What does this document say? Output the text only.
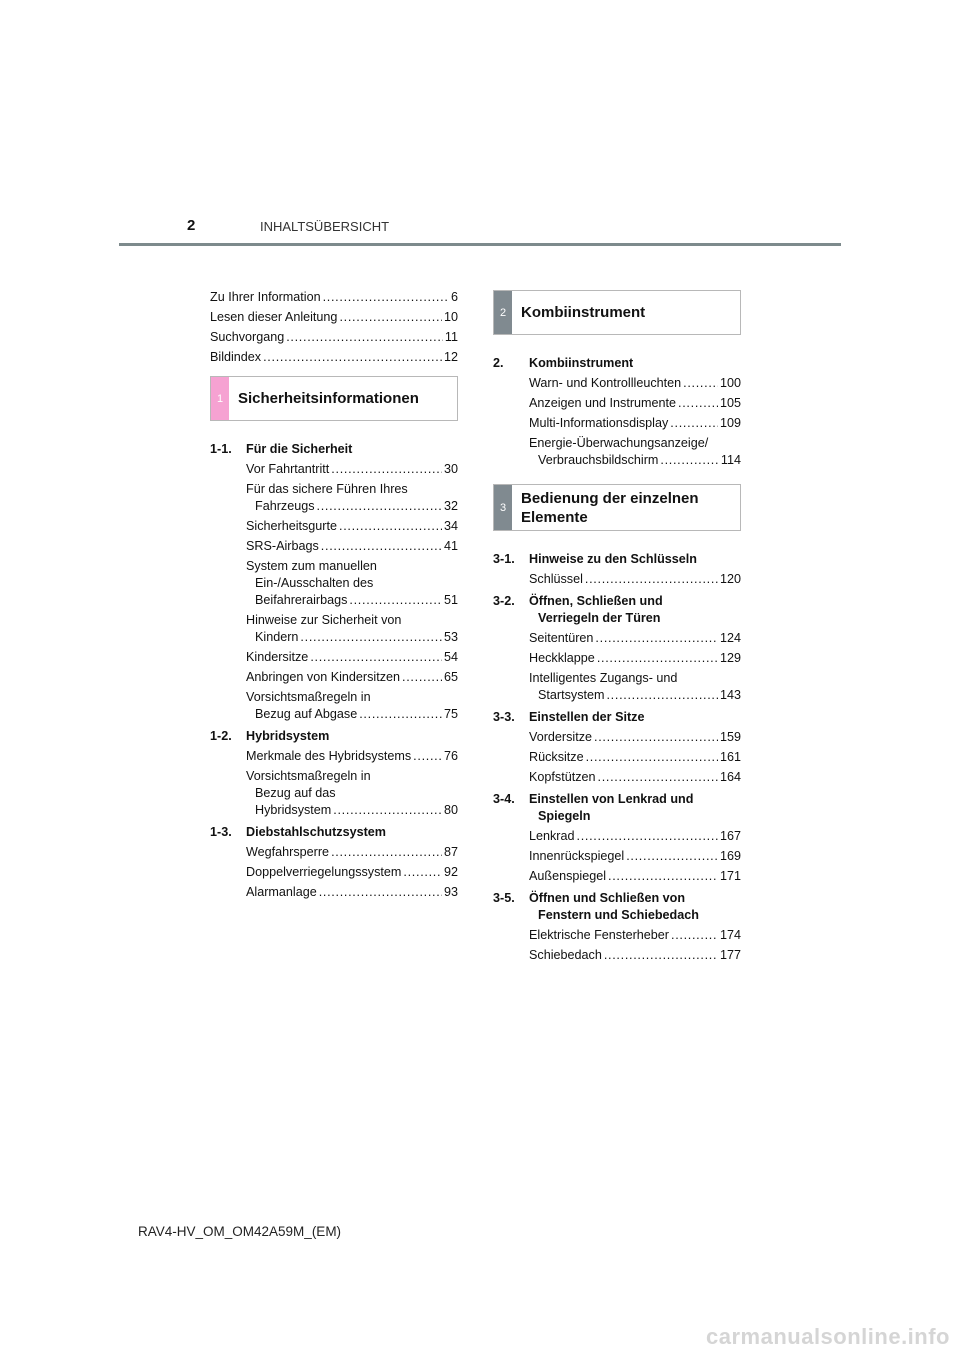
2	INHALTSÜBERSICHT
Zu Ihrer Information . . .	6
Lesen dieser Anleitung . . .	10
Suchvorgang . . .	11
Bildindex . . .	12
1 Sicherheitsinformationen
1-1.	Für die Sicherheit
Vor Fahrtantritt . . .	30
Für das sichere Führen Ihres
Fahrzeugs . . .	32
Sicherheitsgurte . . .	34
SRS-Airbags . . .	41
System zum manuellen
Ein-/Ausschalten des
Beifahrerairbags . . .	51
Hinweise zur Sicherheit von
Kindern . . .	53
Kindersitze . . .	54
Anbringen von Kindersitzen . . .	65
Vorsichtsmaßregeln in
Bezug auf Abgase . . .	75
1-2.	Hybridsystem
Merkmale des Hybridsystems . . .	76
Vorsichtsmaßregeln in
Bezug auf das
Hybridsystem . . .	80
1-3.	Diebstahlschutzsystem
Wegfahrsperre . . .	87
Doppelverriegelungssystem . . .	92
Alarmanlage . . .	93
2 Kombiinstrument
2.	Kombiinstrument
Warn- und Kontrollleuchten . . .	100
Anzeigen und Instrumente . . .	105
Multi-Informationsdisplay . . .	109
Energie-Überwachungsanzeige/
Verbrauchsbildschirm . . .	114
3
Bedienung der einzelnen
Elemente
3-1.	Hinweise zu den Schlüsseln
Schlüssel . . .	120
3-2.	Öffnen, Schließen und
Verriegeln der Türen
Seitentüren . . .	124
Heckklappe . . .	129
Intelligentes Zugangs- und
Startsystem . . .	143
3-3.	Einstellen der Sitze
Vordersitze . . .	159
Rücksitze . . .	161
Kopfstützen . . .	164
3-4.	Einstellen von Lenkrad und
Spiegeln
Lenkrad . . .	167
Innenrückspiegel . . .	169
Außenspiegel . . .	171
3-5.	Öffnen und Schließen von
Fenstern und Schiebedach
Elektrische Fensterheber . . .	174
Schiebedach . . .	177
RAV4-HV_OM_OM42A59M_(EM)
carmanualsonline.info
